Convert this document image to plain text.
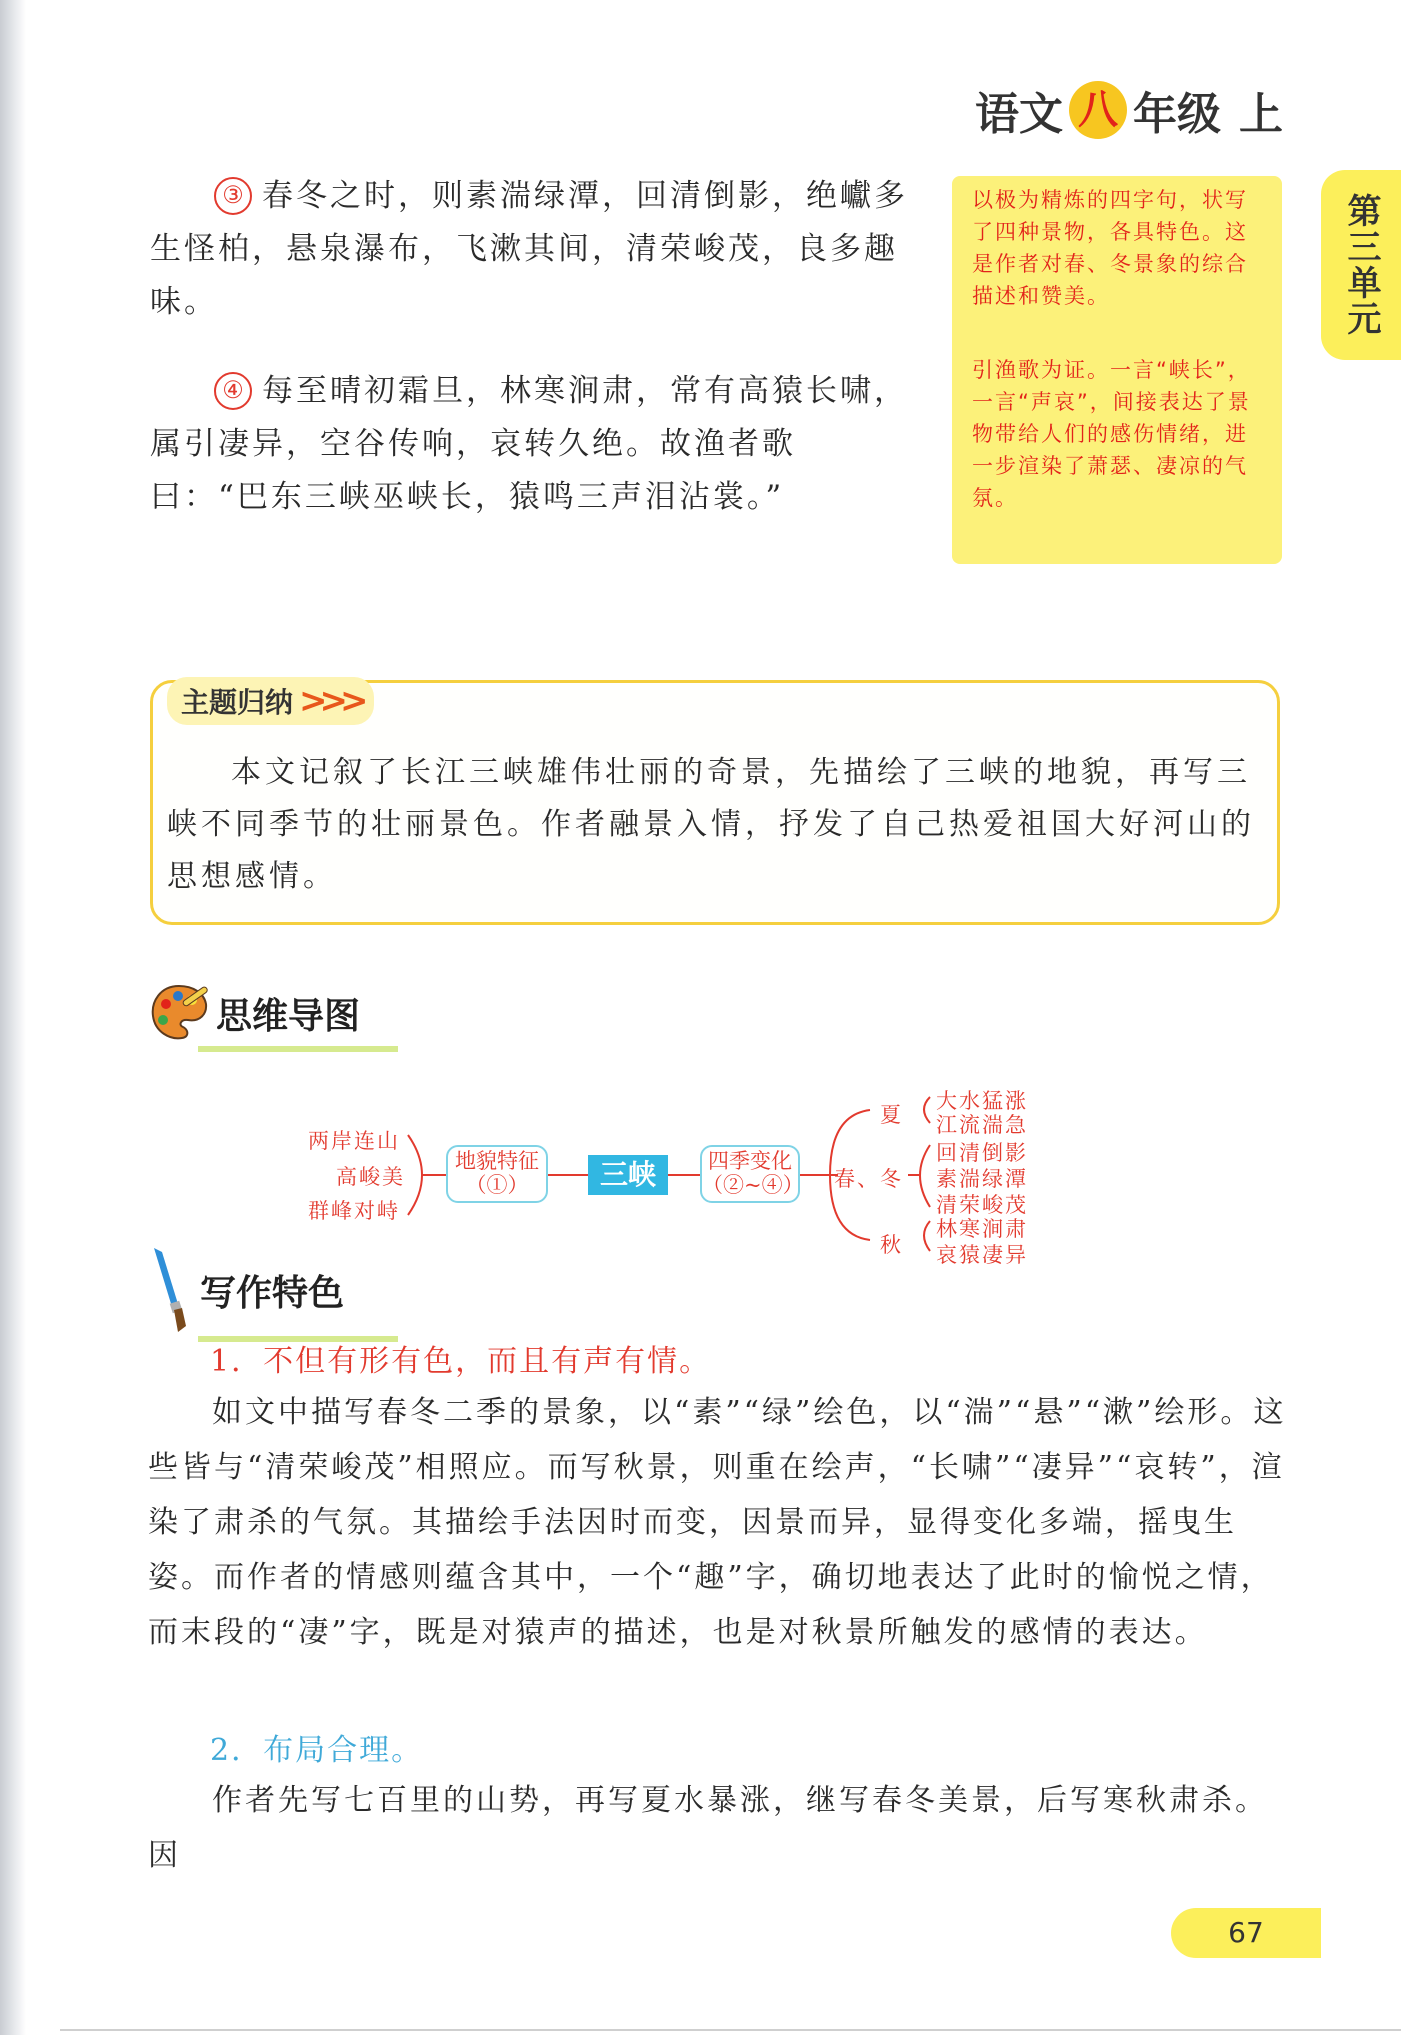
语文 八 年级 上
第三单元
③ 春冬之时，则素湍绿潭，回清倒影，绝巘多生怪柏，悬泉瀑布，飞漱其间，清荣峻茂，良多趣味。
④ 每至晴初霜旦，林寒涧肃，常有高猿长啸，属引凄异，空谷传响，哀转久绝。故渔者歌曰：“巴东三峡巫峡长，猿鸣三声泪沾裳。”

以极为精炼的四字句，状写了四种景物，各具特色。这是作者对春、冬景象的综合描述和赞美。

引渔歌为证。一言“峡长”，一言“声哀”，间接表达了景物带给人们的感伤情绪，进一步渲染了萧瑟、凄凉的气氛。

主题归纳 >>>
本文记叙了长江三峡雄伟壮丽的奇景，先描绘了三峡的地貌，再写三峡不同季节的壮丽景色。作者融景入情，抒发了自己热爱祖国大好河山的思想感情。
思维导图
两岸连山
高峻美
群峰对峙
地貌特征
（①）	三峡	四季变化
（②~④）
夏
春、冬
秋
大水猛涨
江流湍急
回清倒影
素湍绿潭
清荣峻茂
林寒涧肃
哀猿凄异
写作特色
1．不但有形有色，而且有声有情。
如文中描写春冬二季的景象，以“素”“绿”绘色，以“湍”“悬”“漱”绘形。这些皆与“清荣峻茂”相照应。而写秋景，则重在绘声，“长啸”“凄异”“哀转”，渲染了肃杀的气氛。其描绘手法因时而变，因景而异，显得变化多端，摇曳生姿。而作者的情感则蕴含其中，一个“趣”字，确切地表达了此时的愉悦之情，而末段的“凄”字，既是对猿声的描述，也是对秋景所触发的感情的表达。
2．布局合理。
作者先写七百里的山势，再写夏水暴涨，继写春冬美景，后写寒秋肃杀。因
67
